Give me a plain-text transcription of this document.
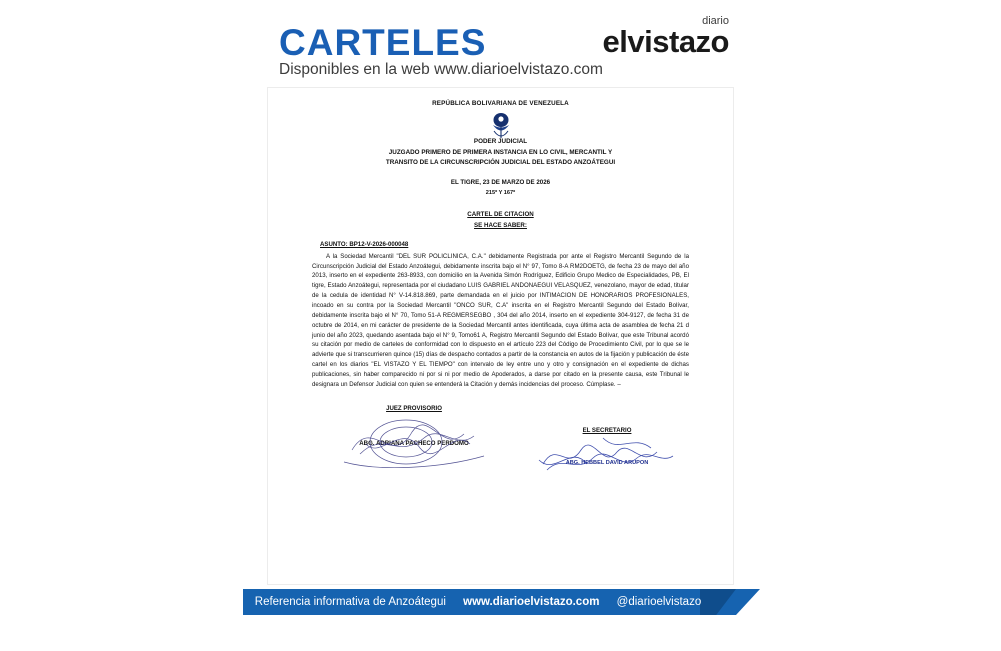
CARTELES
Disponibles en la web www.diarioelvistazo.com
diario
elvistazo
REPÚBLICA BOLIVARIANA DE VENEZUELA
PODER JUDICIAL
JUZGADO PRIMERO DE PRIMERA INSTANCIA EN LO CIVIL, MERCANTIL Y
TRANSITO DE LA CIRCUNSCRIPCIÓN JUDICIAL DEL ESTADO ANZOÁTEGUI
EL TIGRE, 23 DE MARZO DE 2026
215º Y 167º
CARTEL DE CITACION
SE HACE SABER:
ASUNTO: BP12-V-2026-000048
A la Sociedad Mercantil "DEL SUR POLICLINICA, C.A." debidamente Registrada por ante el Registro Mercantil Segundo de la Circunscripción Judicial del Estado Anzoátegui, debidamente inscrita bajo el N° 97, Tomo 8-A RM2DOETG, de fecha 23 de mayo del año 2013, inserto en el expediente 263-8933, con domicilio en la Avenida Simón Rodríguez, Edificio Grupo Medico de Especialidades, PB, El tigre, Estado Anzoátegui, representada por el ciudadano LUIS GABRIEL ANDONAEGUI VELASQUEZ, venezolano, mayor de edad, titular de la cedula de identidad N° V-14.818.869, parte demandada en el juicio por INTIMACION DE HONORARIOS PROFESIONALES, incoado en su contra por la Sociedad Mercantil "ONCO SUR, C.A" inscrita en el Registro Mercantil Segundo del Estado Bolívar, debidamente inscrita bajo el N° 70, Tomo 51-A REGMERSEGBO , 304 del año 2014, inserto en el expediente 304-9127, de fecha 31 de octubre de 2014, en mi carácter de presidente de la Sociedad Mercantil antes identificada, cuya última acta de asamblea de fecha 21 d junio del año 2023, quedando asentada bajo el N° 9, Tomo61 A, Registro Mercantil Segundo del Estado Bolívar, que este Tribunal acordó su citación por medio de carteles de conformidad con lo dispuesto en el artículo 223 del Código de Procedimiento Civil, por lo que se le advierte que si transcurrieren quince (15) días de despacho contados a partir de la constancia en autos de la fijación y publicación de éste cartel en los diarios "EL VISTAZO Y EL TIEMPO" con intervalo de ley entre uno y otro y consignación en el expediente de dichas publicaciones, sin haber comparecido ni por si ni por medio de Apoderados, a darse por citado en la presente causa, este Tribunal le designara un Defensor Judicial con quien se entenderá la Citación y demás incidencias del proceso. Cúmplase. –
JUEZ PROVISORIO
ABG. ADRIANA PACHECO PERDOMO
EL SECRETARIO
ABG. HEBBEL DAVID ARUPON
Referencia informativa de Anzoátegui www.diarioelvistazo.com @diarioelvistazo
